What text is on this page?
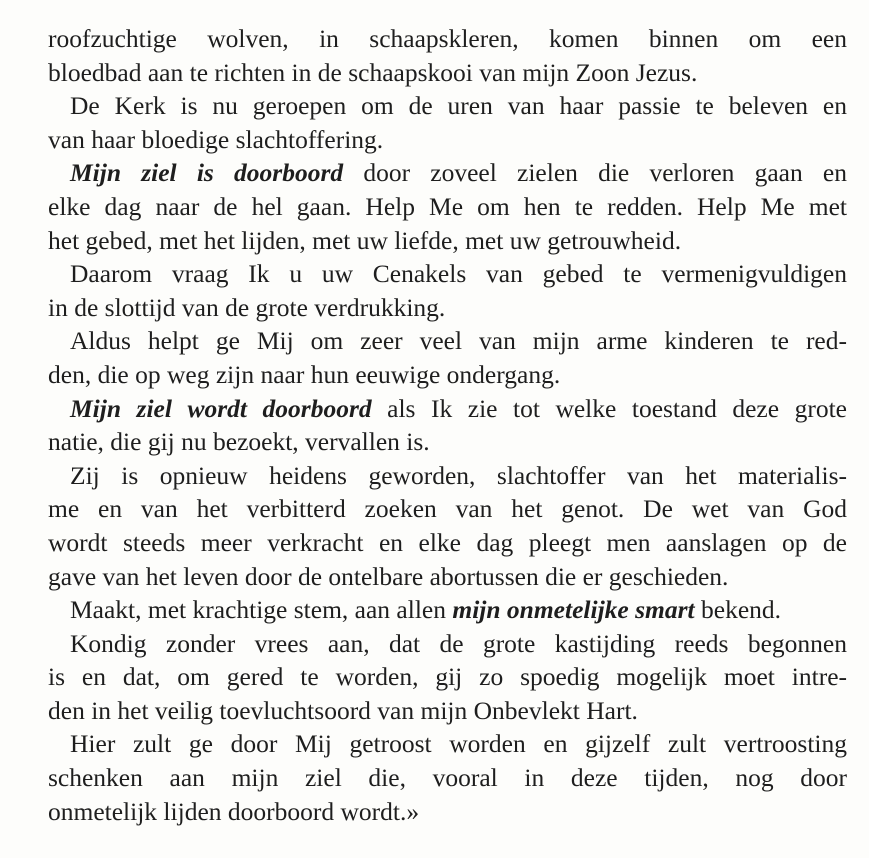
roofzuchtige wolven, in schaapskleren, komen binnen om een
bloedbad aan te richten in de schaapskooi van mijn Zoon Jezus.
De Kerk is nu geroepen om de uren van haar passie te beleven en
van haar bloedige slachtoffering.
Mijn ziel is doorboord door zoveel zielen die verloren gaan en
elke dag naar de hel gaan. Help Me om hen te redden. Help Me met
het gebed, met het lijden, met uw liefde, met uw getrouwheid.
Daarom vraag Ik u uw Cenakels van gebed te vermenigvuldigen
in de slottijd van de grote verdrukking.
Aldus helpt ge Mij om zeer veel van mijn arme kinderen te red-
den, die op weg zijn naar hun eeuwige ondergang.
Mijn ziel wordt doorboord als Ik zie tot welke toestand deze grote
natie, die gij nu bezoekt, vervallen is.
Zij is opnieuw heidens geworden, slachtoffer van het materialis-
me en van het verbitterd zoeken van het genot. De wet van God
wordt steeds meer verkracht en elke dag pleegt men aanslagen op de
gave van het leven door de ontelbare abortussen die er geschieden.
Maakt, met krachtige stem, aan allen mijn onmetelijke smart bekend.
Kondig zonder vrees aan, dat de grote kastijding reeds begonnen
is en dat, om gered te worden, gij zo spoedig mogelijk moet intre-
den in het veilig toevluchtsoord van mijn Onbevlekt Hart.
Hier zult ge door Mij getroost worden en gijzelf zult vertroosting
schenken aan mijn ziel die, vooral in deze tijden, nog door
onmetelijk lijden doorboord wordt.»
